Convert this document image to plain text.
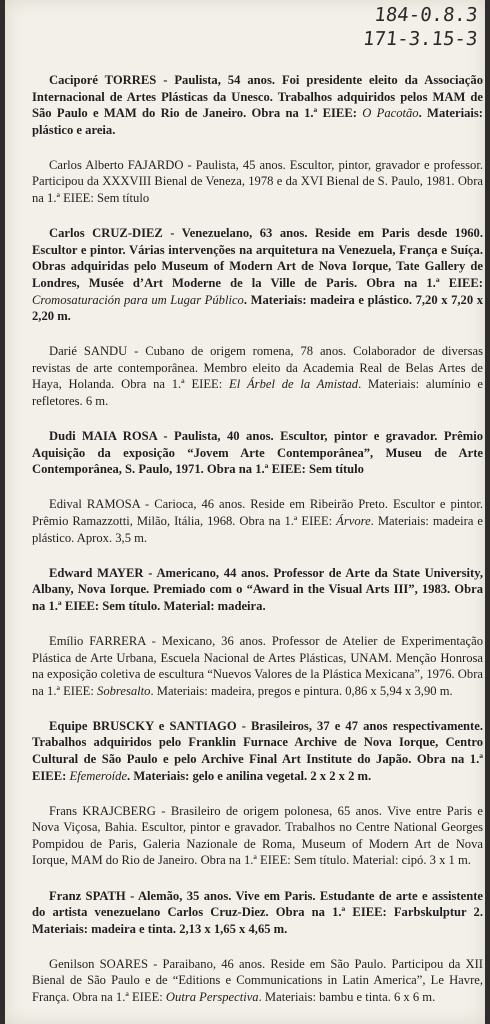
184-0.8.3
171-3.15-3

Caciporé TORRES - Paulista, 54 anos. Foi presidente eleito da Associação Internacional de Artes Plásticas da Unesco. Trabalhos adquiridos pelos MAM de São Paulo e MAM do Rio de Janeiro. Obra na 1.ª EIEE: O Pacotão. Materiais: plástico e areia.

Carlos Alberto FAJARDO - Paulista, 45 anos. Escultor, pintor, gravador e professor. Participou da XXXVIII Bienal de Veneza, 1978 e da XVI Bienal de S. Paulo, 1981. Obra na 1.ª EIEE: Sem título

Carlos CRUZ-DIEZ - Venezuelano, 63 anos. Reside em Paris desde 1960. Escultor e pintor. Várias intervenções na arquitetura na Venezuela, França e Suíça. Obras adquiridas pelo Museum of Modern Art de Nova Iorque, Tate Gallery de Londres, Musée d’Art Moderne de la Ville de Paris. Obra na 1.ª EIEE: Cromosaturación para um Lugar Público. Materiais: madeira e plástico. 7,20 x 7,20 x 2,20 m.

Darié SANDU - Cubano de origem romena, 78 anos. Colaborador de diversas revistas de arte contemporânea. Membro eleito da Academia Real de Belas Artes de Haya, Holanda. Obra na 1.ª EIEE: El Árbel de la Amistad. Materiais: alumínio e refletores. 6 m.

Dudi MAIA ROSA - Paulista, 40 anos. Escultor, pintor e gravador. Prêmio Aquisição da exposição “Jovem Arte Contemporânea”, Museu de Arte Contemporânea, S. Paulo, 1971. Obra na 1.ª EIEE: Sem título

Edival RAMOSA - Carioca, 46 anos. Reside em Ribeirão Preto. Escultor e pintor. Prêmio Ramazzotti, Milão, Itália, 1968. Obra na 1.ª EIEE: Árvore. Materiais: madeira e plástico. Aprox. 3,5 m.

Edward MAYER - Americano, 44 anos. Professor de Arte da State University, Albany, Nova Iorque. Premiado com o “Award in the Visual Arts III”, 1983. Obra na 1.ª EIEE: Sem título. Material: madeira.

Emílio FARRERA - Mexicano, 36 anos. Professor de Atelier de Experimentação Plástica de Arte Urbana, Escuela Nacional de Artes Plásticas, UNAM. Menção Honrosa na exposição coletiva de escultura “Nuevos Valores de la Plástica Mexicana”, 1976. Obra na 1.ª EIEE: Sobresalto. Materiais: madeira, pregos e pintura. 0,86 x 5,94 x 3,90 m.

Equipe BRUSCKY e SANTIAGO - Brasileiros, 37 e 47 anos respectivamente. Trabalhos adquiridos pelo Franklin Furnace Archive de Nova Iorque, Centro Cultural de São Paulo e pelo Archive Final Art Institute do Japão. Obra na 1.ª EIEE: Efemeroíde. Materiais: gelo e anilina vegetal. 2 x 2 x 2 m.

Frans KRAJCBERG - Brasileiro de origem polonesa, 65 anos. Vive entre Paris e Nova Viçosa, Bahia. Escultor, pintor e gravador. Trabalhos no Centre National Georges Pompidou de Paris, Galeria Nazionale de Roma, Museum of Modern Art de Nova Iorque, MAM do Rio de Janeiro. Obra na 1.ª EIEE: Sem título. Material: cipó. 3 x 1 m.

Franz SPATH - Alemão, 35 anos. Vive em Paris. Estudante de arte e assistente do artista venezuelano Carlos Cruz-Diez. Obra na 1.ª EIEE: Farbskulptur 2. Materiais: madeira e tinta. 2,13 x 1,65 x 4,65 m.

Genilson SOARES - Paraibano, 46 anos. Reside em São Paulo. Participou da XII Bienal de São Paulo e de “Editions e Communications in Latin America”, Le Havre, França. Obra na 1.ª EIEE: Outra Perspectiva. Materiais: bambu e tinta. 6 x 6 m.
